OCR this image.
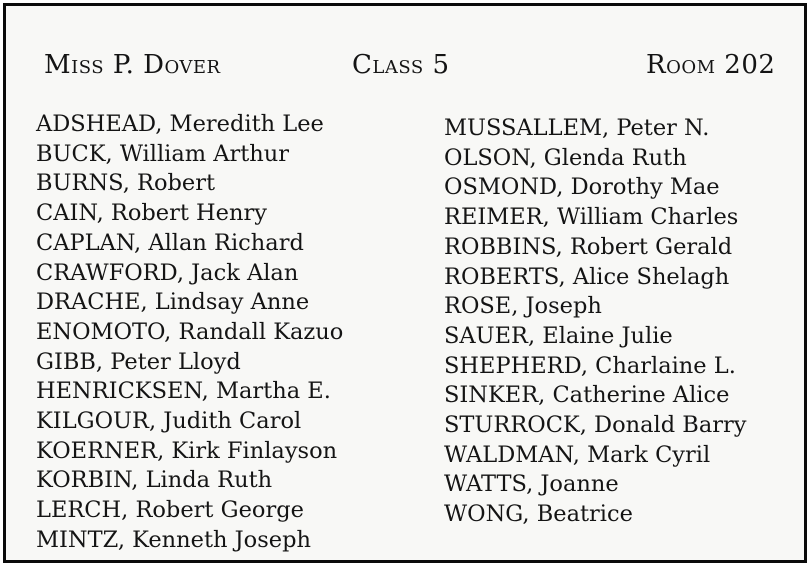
Miss P. Dover	Class 5	Room 202
ADSHEAD, Meredith Lee
BUCK, William Arthur
BURNS, Robert
CAIN, Robert Henry
CAPLAN, Allan Richard
CRAWFORD, Jack Alan
DRACHE, Lindsay Anne
ENOMOTO, Randall Kazuo
GIBB, Peter Lloyd
HENRICKSEN, Martha E.
KILGOUR, Judith Carol
KOERNER, Kirk Finlayson
KORBIN, Linda Ruth
LERCH, Robert George
MINTZ, Kenneth Joseph
MUSSALLEM, Peter N.
OLSON, Glenda Ruth
OSMOND, Dorothy Mae
REIMER, William Charles
ROBBINS, Robert Gerald
ROBERTS, Alice Shelagh
ROSE, Joseph
SAUER, Elaine Julie
SHEPHERD, Charlaine L.
SINKER, Catherine Alice
STURROCK, Donald Barry
WALDMAN, Mark Cyril
WATTS, Joanne
WONG, Beatrice
